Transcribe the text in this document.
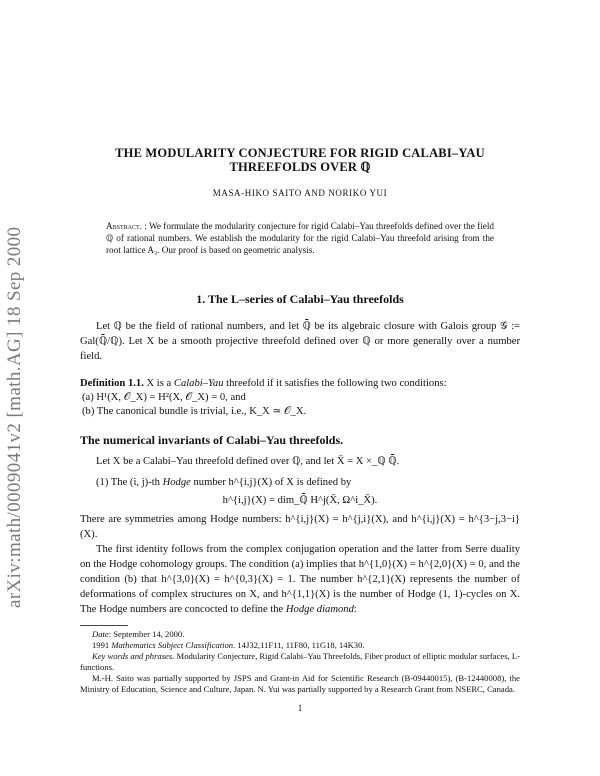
arXiv:math/0009041v2 [math.AG] 18 Sep 2000
THE MODULARITY CONJECTURE FOR RIGID CALABI–YAU
THREEFOLDS OVER ℚ
MASA-HIKO SAITO AND NORIKO YUI
Abstract. : We formulate the modularity conjecture for rigid Calabi–Yau threefolds defined over the field ℚ of rational numbers. We establish the modularity for the rigid Calabi–Yau threefold arising from the root lattice A₃. Our proof is based on geometric analysis.
1. The L–series of Calabi–Yau threefolds

Let ℚ be the field of rational numbers, and let ℚ̄ be its algebraic closure with Galois group 𝒢 := Gal(ℚ̄/ℚ). Let X be a smooth projective threefold defined over ℚ or more generally over a number field.

Definition 1.1. X is a Calabi–Yau threefold if it satisfies the following two conditions:

(a) H¹(X, 𝒪_X) = H²(X, 𝒪_X) = 0, and
(b) The canonical bundle is trivial, i.e., K_X ≃ 𝒪_X.
The numerical invariants of Calabi–Yau threefolds.

Let X be a Calabi–Yau threefold defined over ℚ, and let X̄ = X ×_ℚ ℚ̄.

(1) The (i, j)-th Hodge number h^{i,j}(X) of X is defined by

h^{i,j}(X) = dim_ℚ̄ H^j(X̄, Ω^i_X̄).

There are symmetries among Hodge numbers: h^{i,j}(X) = h^{j,i}(X), and h^{i,j}(X) = h^{3−j,3−i}(X).

The first identity follows from the complex conjugation operation and the latter from Serre duality on the Hodge cohomology groups. The condition (a) implies that h^{1,0}(X) = h^{2,0}(X) = 0, and the condition (b) that h^{3,0}(X) = h^{0,3}(X) = 1. The number h^{2,1}(X) represents the number of deformations of complex structures on X, and h^{1,1}(X) is the number of Hodge (1, 1)-cycles on X. The Hodge numbers are concocted to define the Hodge diamond:

Date: September 14, 2000.
1991 Mathematics Subject Classification. 14J32,11F11, 11F80, 11G18, 14K30.
Key words and phrases. Modularity Conjecture, Rigid Calabi–Yau Threefolds, Fiber product of elliptic modular surfaces, L-functions.
M.-H. Saito was partially supported by JSPS and Grant-in Aid for Scientific Research (B-09440015), (B-12440008), the Ministry of Education, Science and Culture, Japan. N. Yui was partially supported by a Research Grant from NSERC, Canada.
1
